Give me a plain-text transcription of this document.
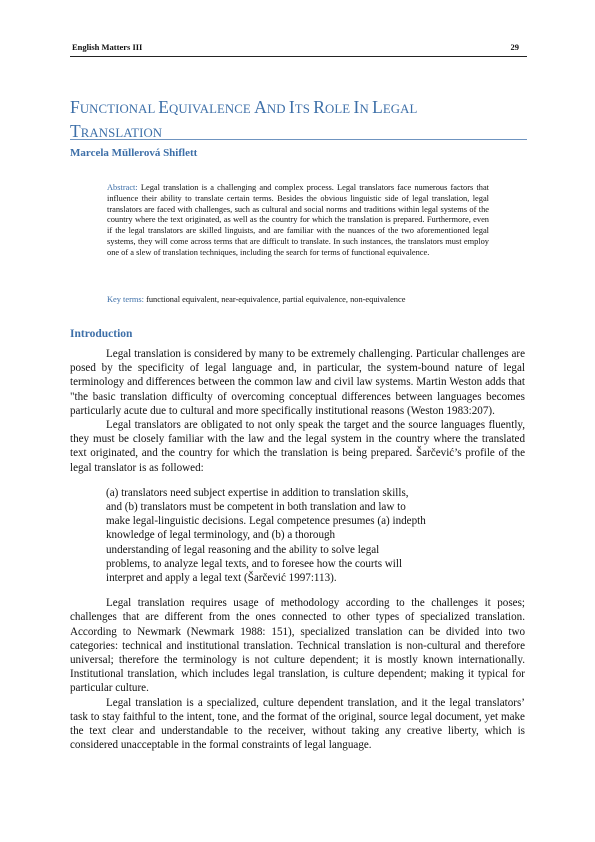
English Matters III	29
FUNCTIONAL EQUIVALENCE AND ITS ROLE IN LEGAL
TRANSLATION
Marcela Müllerová Shiflett
Abstract: Legal translation is a challenging and complex process. Legal translators face numerous factors that influence their ability to translate certain terms. Besides the obvious linguistic side of legal translation, legal translators are faced with challenges, such as cultural and social norms and traditions within legal systems of the country where the text originated, as well as the country for which the translation is prepared. Furthermore, even if the legal translators are skilled linguists, and are familiar with the nuances of the two aforementioned legal systems, they will come across terms that are difficult to translate. In such instances, the translators must employ one of a slew of translation techniques, including the search for terms of functional equivalence.
Key terms: functional equivalent, near-equivalence, partial equivalence, non-equivalence
Introduction

Legal translation is considered by many to be extremely challenging. Particular challenges are posed by the specificity of legal language and, in particular, the system-bound nature of legal terminology and differences between the common law and civil law systems. Martin Weston adds that "the basic translation difficulty of overcoming conceptual differences between languages becomes particularly acute due to cultural and more specifically institutional reasons (Weston 1983:207).

Legal translators are obligated to not only speak the target and the source languages fluently, they must be closely familiar with the law and the legal system in the country where the translated text originated, and the country for which the translation is being prepared. Šarčević’s profile of the legal translator is as followed:

(a) translators need subject expertise in addition to translation skills,
and (b) translators must be competent in both translation and law to
make legal-linguistic decisions. Legal competence presumes (a) indepth
knowledge of legal terminology, and (b) a thorough
understanding of legal reasoning and the ability to solve legal
problems, to analyze legal texts, and to foresee how the courts will
interpret and apply a legal text (Šarčević 1997:113).

Legal translation requires usage of methodology according to the challenges it poses; challenges that are different from the ones connected to other types of specialized translation. According to Newmark (Newmark 1988: 151), specialized translation can be divided into two categories: technical and institutional translation. Technical translation is non-cultural and therefore universal; therefore the terminology is not culture dependent; it is mostly known internationally. Institutional translation, which includes legal translation, is culture dependent; making it typical for particular culture.

Legal translation is a specialized, culture dependent translation, and it the legal translators’ task to stay faithful to the intent, tone, and the format of the original, source legal document, yet make the text clear and understandable to the receiver, without taking any creative liberty, which is considered unacceptable in the formal constraints of legal language.
